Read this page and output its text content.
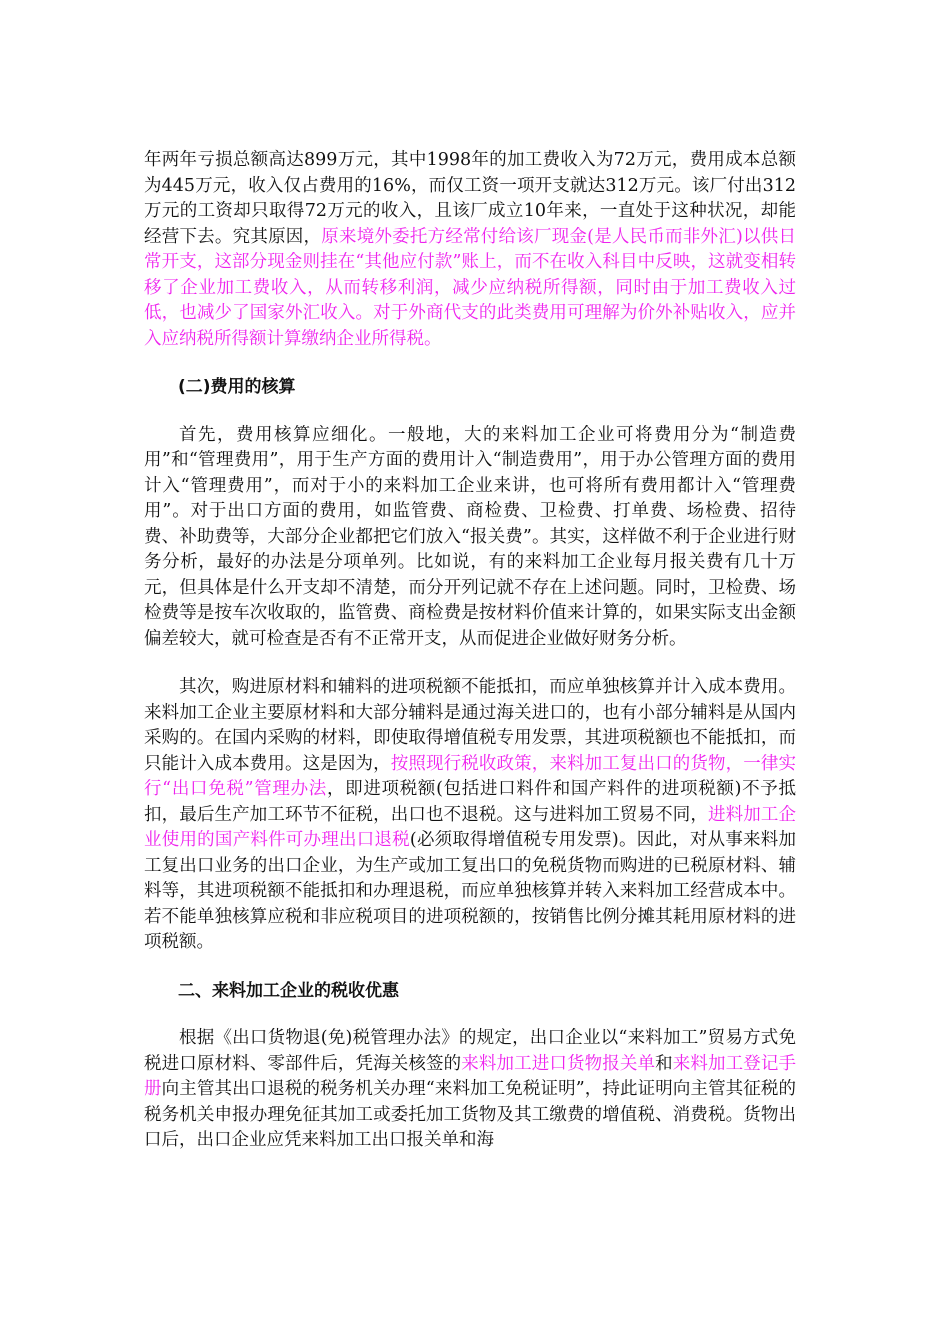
年两年亏损总额高达899万元，其中1998年的加工费收入为72万元，费用成本总额为445万元，收入仅占费用的16%，而仅工资一项开支就达312万元。该厂付出312万元的工资却只取得72万元的收入，且该厂成立10年来，一直处于这种状况，却能经营下去。究其原因，原来境外委托方经常付给该厂现金(是人民币而非外汇)以供日常开支，这部分现金则挂在“其他应付款”账上，而不在收入科目中反映，这就变相转移了企业加工费收入，从而转移利润，减少应纳税所得额，同时由于加工费收入过低，也减少了国家外汇收入。对于外商代支的此类费用可理解为价外补贴收入，应并入应纳税所得额计算缴纳企业所得税。

(二)费用的核算

首先，费用核算应细化。一般地，大的来料加工企业可将费用分为“制造费用”和“管理费用”，用于生产方面的费用计入“制造费用”，用于办公管理方面的费用计入“管理费用”，而对于小的来料加工企业来讲，也可将所有费用都计入“管理费用”。对于出口方面的费用，如监管费、商检费、卫检费、打单费、场检费、招待费、补助费等，大部分企业都把它们放入“报关费”。其实，这样做不利于企业进行财务分析，最好的办法是分项单列。比如说，有的来料加工企业每月报关费有几十万元，但具体是什么开支却不清楚，而分开列记就不存在上述问题。同时，卫检费、场检费等是按车次收取的，监管费、商检费是按材料价值来计算的，如果实际支出金额偏差较大，就可检查是否有不正常开支，从而促进企业做好财务分析。

其次，购进原材料和辅料的进项税额不能抵扣，而应单独核算并计入成本费用。来料加工企业主要原材料和大部分辅料是通过海关进口的，也有小部分辅料是从国内采购的。在国内采购的材料，即使取得增值税专用发票，其进项税额也不能抵扣，而只能计入成本费用。这是因为，按照现行税收政策，来料加工复出口的货物，一律实行“出口免税”管理办法，即进项税额(包括进口料件和国产料件的进项税额)不予抵扣，最后生产加工环节不征税，出口也不退税。这与进料加工贸易不同，进料加工企业使用的国产料件可办理出口退税(必须取得增值税专用发票)。因此，对从事来料加工复出口业务的出口企业，为生产或加工复出口的免税货物而购进的已税原材料、辅料等，其进项税额不能抵扣和办理退税，而应单独核算并转入来料加工经营成本中。若不能单独核算应税和非应税项目的进项税额的，按销售比例分摊其耗用原材料的进项税额。

二、来料加工企业的税收优惠

根据《出口货物退(免)税管理办法》的规定，出口企业以“来料加工”贸易方式免税进口原材料、零部件后，凭海关核签的来料加工进口货物报关单和来料加工登记手册向主管其出口退税的税务机关办理“来料加工免税证明”，持此证明向主管其征税的税务机关申报办理免征其加工或委托加工货物及其工缴费的增值税、消费税。货物出口后，出口企业应凭来料加工出口报关单和海
